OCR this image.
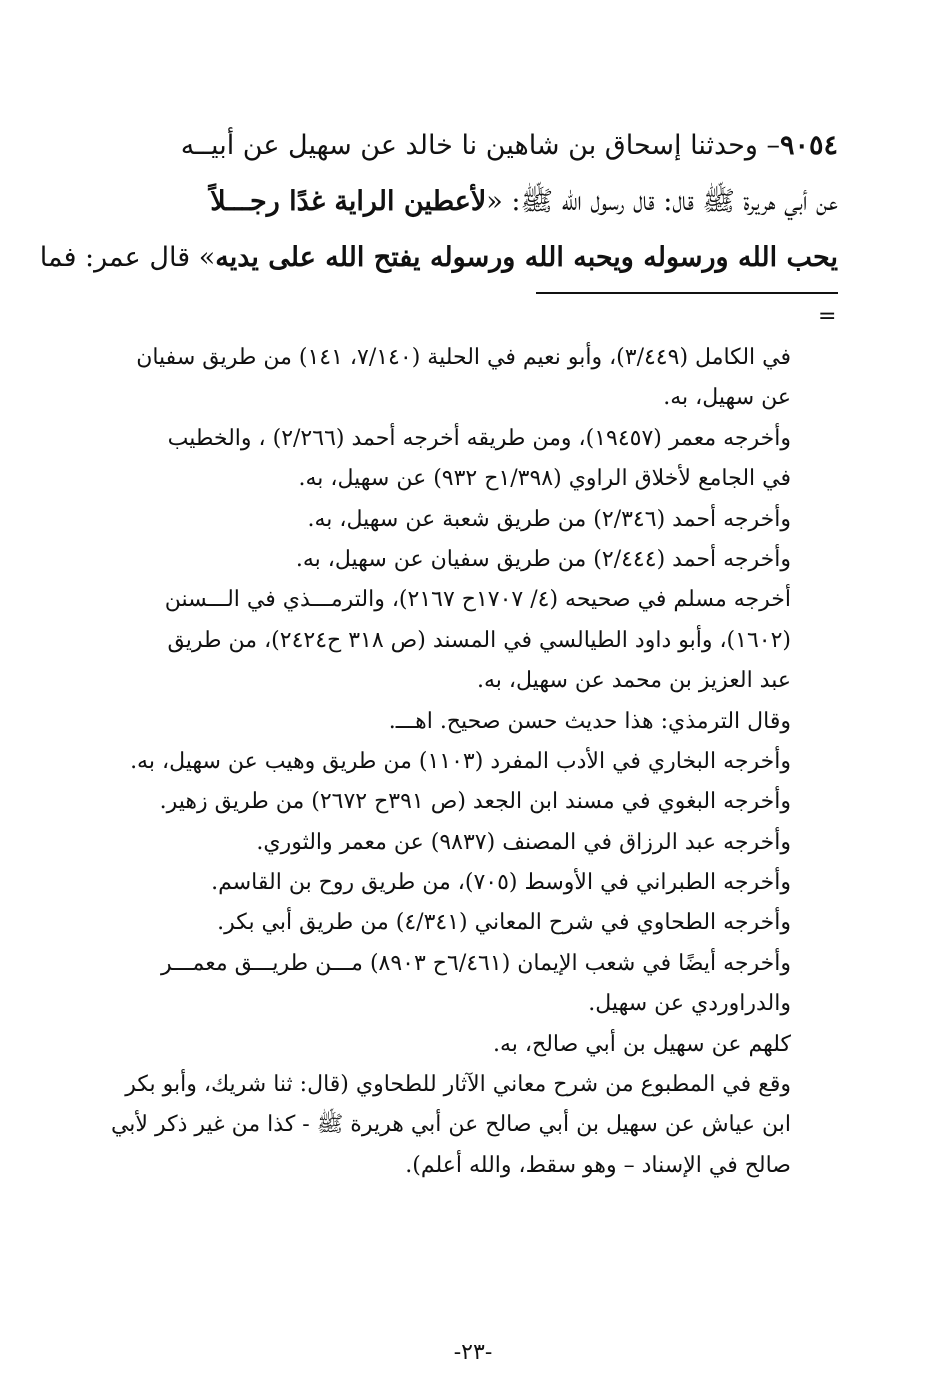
٩٠٥٤– وحدثنا إسحاق بن شاهين نا خالد عن سهيل عن أبيــه
عن أبي هريرة ﷺ قال: قال رسول الله ﷺ: «لأعطين الراية غدًا رجـــلاً
يحب الله ورسوله ويحبه الله ورسوله يفتح الله على يديه» قال عمر: فما
=
في الكامل (٣/٤٤٩)، وأبو نعيم في الحلية (٧/١٤٠، ١٤١) من طريق سفيان
عن سهيل، به.
وأخرجه معمر (١٩٤٥٧)، ومن طريقه أخرجه أحمد (٢/٢٦٦) ، والخطيب
في الجامع لأخلاق الراوي (١/٣٩٨ح ٩٣٢) عن سهيل، به.
وأخرجه أحمد (٢/٣٤٦) من طريق شعبة عن سهيل، به.
وأخرجه أحمد (٢/٤٤٤) من طريق سفيان عن سهيل، به.
أخرجه مسلم في صحيحه (٤/ ١٧٠٧ح ٢١٦٧)، والترمـــذي في الـــسنن
(١٦٠٢)، وأبو داود الطيالسي في المسند (ص ٣١٨ ح٢٤٢٤)، من طريق
عبد العزيز بن محمد عن سهيل، به.
وقال الترمذي: هذا حديث حسن صحيح. اهـــ.
وأخرجه البخاري في الأدب المفرد (١١٠٣) من طريق وهيب عن سهيل، به.
وأخرجه البغوي في مسند ابن الجعد (ص ٣٩١ح ٢٦٧٢) من طريق زهير.
وأخرجه عبد الرزاق في المصنف (٩٨٣٧) عن معمر والثوري.
وأخرجه الطبراني في الأوسط (٧٠٥)، من طريق روح بن القاسم.
وأخرجه الطحاوي في شرح المعاني (٤/٣٤١) من طريق أبي بكر.
وأخرجه أيضًا في شعب الإيمان (٦/٤٦١ح ٨٩٠٣) مـــن طريـــق معمـــر
والدراوردي عن سهيل.
كلهم عن سهيل بن أبي صالح، به.
وقع في المطبوع من شرح معاني الآثار للطحاوي (قال: ثنا شريك، وأبو بكر
ابن عياش عن سهيل بن أبي صالح عن أبي هريرة ﷺ - كذا من غير ذكر لأبي
صالح في الإسناد – وهو سقط، والله أعلم).
-٢٣-
